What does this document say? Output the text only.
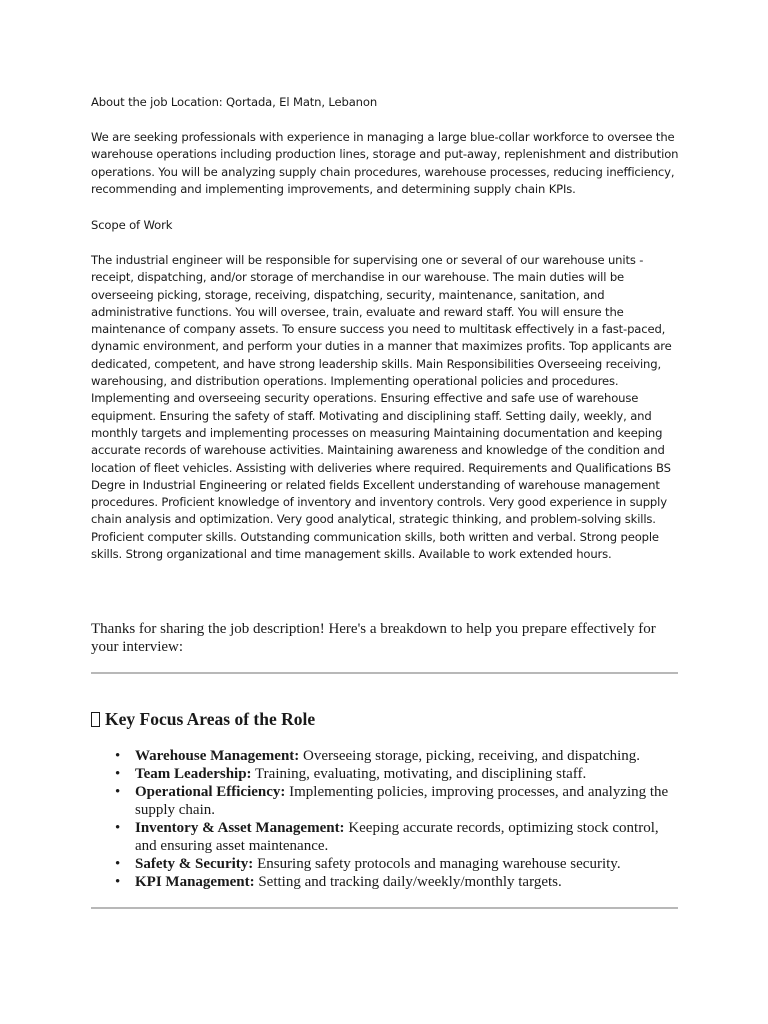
About the job Location: Qortada, El Matn, Lebanon

We are seeking professionals with experience in managing a large blue-collar workforce to oversee the warehouse operations including production lines, storage and put-away, replenishment and distribution operations. You will be analyzing supply chain procedures, warehouse processes, reducing inefficiency, recommending and implementing improvements, and determining supply chain KPIs.

Scope of Work

The industrial engineer will be responsible for supervising one or several of our warehouse units - receipt, dispatching, and/or storage of merchandise in our warehouse. The main duties will be overseeing picking, storage, receiving, dispatching, security, maintenance, sanitation, and administrative functions. You will oversee, train, evaluate and reward staff. You will ensure the maintenance of company assets. To ensure success you need to multitask effectively in a fast-paced, dynamic environment, and perform your duties in a manner that maximizes profits. Top applicants are dedicated, competent, and have strong leadership skills. Main Responsibilities Overseeing receiving, warehousing, and distribution operations. Implementing operational policies and procedures. Implementing and overseeing security operations. Ensuring effective and safe use of warehouse equipment. Ensuring the safety of staff. Motivating and disciplining staff. Setting daily, weekly, and monthly targets and implementing processes on measuring Maintaining documentation and keeping accurate records of warehouse activities. Maintaining awareness and knowledge of the condition and location of fleet vehicles. Assisting with deliveries where required. Requirements and Qualifications BS Degre in Industrial Engineering or related fields Excellent understanding of warehouse management procedures. Proficient knowledge of inventory and inventory controls. Very good experience in supply chain analysis and optimization. Very good analytical, strategic thinking, and problem-solving skills. Proficient computer skills. Outstanding communication skills, both written and verbal. Strong people skills. Strong organizational and time management skills. Available to work extended hours.

Thanks for sharing the job description! Here's a breakdown to help you prepare effectively for your interview:

Key Focus Areas of the Role
• Warehouse Management: Overseeing storage, picking, receiving, and dispatching.
• Team Leadership: Training, evaluating, motivating, and disciplining staff.
• Operational Efficiency: Implementing policies, improving processes, and analyzing the supply chain.
• Inventory & Asset Management: Keeping accurate records, optimizing stock control, and ensuring asset maintenance.
• Safety & Security: Ensuring safety protocols and managing warehouse security.
• KPI Management: Setting and tracking daily/weekly/monthly targets.
